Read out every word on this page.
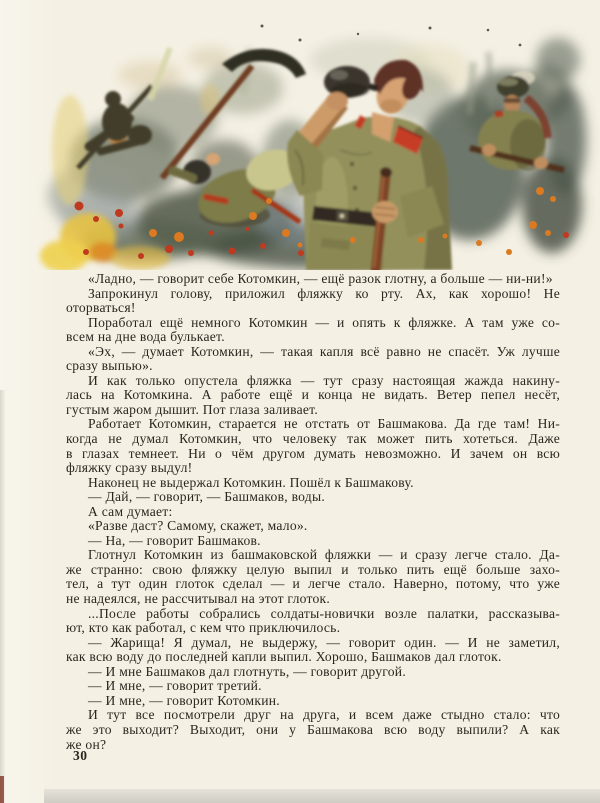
«Ладно, — говорит себе Котомкин, — ещё разок глотну, а больше — ни-ни!»
Запрокинул голову, приложил фляжку ко рту. Ах, как хорошо! Не
оторваться!
Поработал ещё немного Котомкин — и опять к фляжке. А там уже со-
всем на дне вода булькает.
«Эх, — думает Котомкин, — такая капля всё равно не спасёт. Уж лучше
сразу выпью».
И как только опустела фляжка — тут сразу настоящая жажда накину-
лась на Котомкина. А работе ещё и конца не видать. Ветер пепел несёт,
густым жаром дышит. Пот глаза заливает.
Работает Котомкин, старается не отстать от Башмакова. Да где там! Ни-
когда не думал Котомкин, что человеку так может пить хотеться. Даже
в глазах темнеет. Ни о чём другом думать невозможно. И зачем он всю
фляжку сразу выдул!
Наконец не выдержал Котомкин. Пошёл к Башмакову.
— Дай, — говорит, — Башмаков, воды.
А сам думает:
«Разве даст? Самому, скажет, мало».
— На, — говорит Башмаков.
Глотнул Котомкин из башмаковской фляжки — и сразу легче стало. Да-
же странно: свою фляжку целую выпил и только пить ещё больше захо-
тел, а тут один глоток сделал — и легче стало. Наверно, потому, что уже
не надеялся, не рассчитывал на этот глоток.
...После работы собрались солдаты-новички возле палатки, рассказыва-
ют, кто как работал, с кем что приключилось.
— Жарища! Я думал, не выдержу, — говорит один. — И не заметил,
как всю воду до последней капли выпил. Хорошо, Башмаков дал глоток.
— И мне Башмаков дал глотнуть, — говорит другой.
— И мне, — говорит третий.
— И мне, — говорит Котомкин.
И тут все посмотрели друг на друга, и всем даже стыдно стало: что
же это выходит? Выходит, они у Башмакова всю воду выпили? А как
же он?
30
